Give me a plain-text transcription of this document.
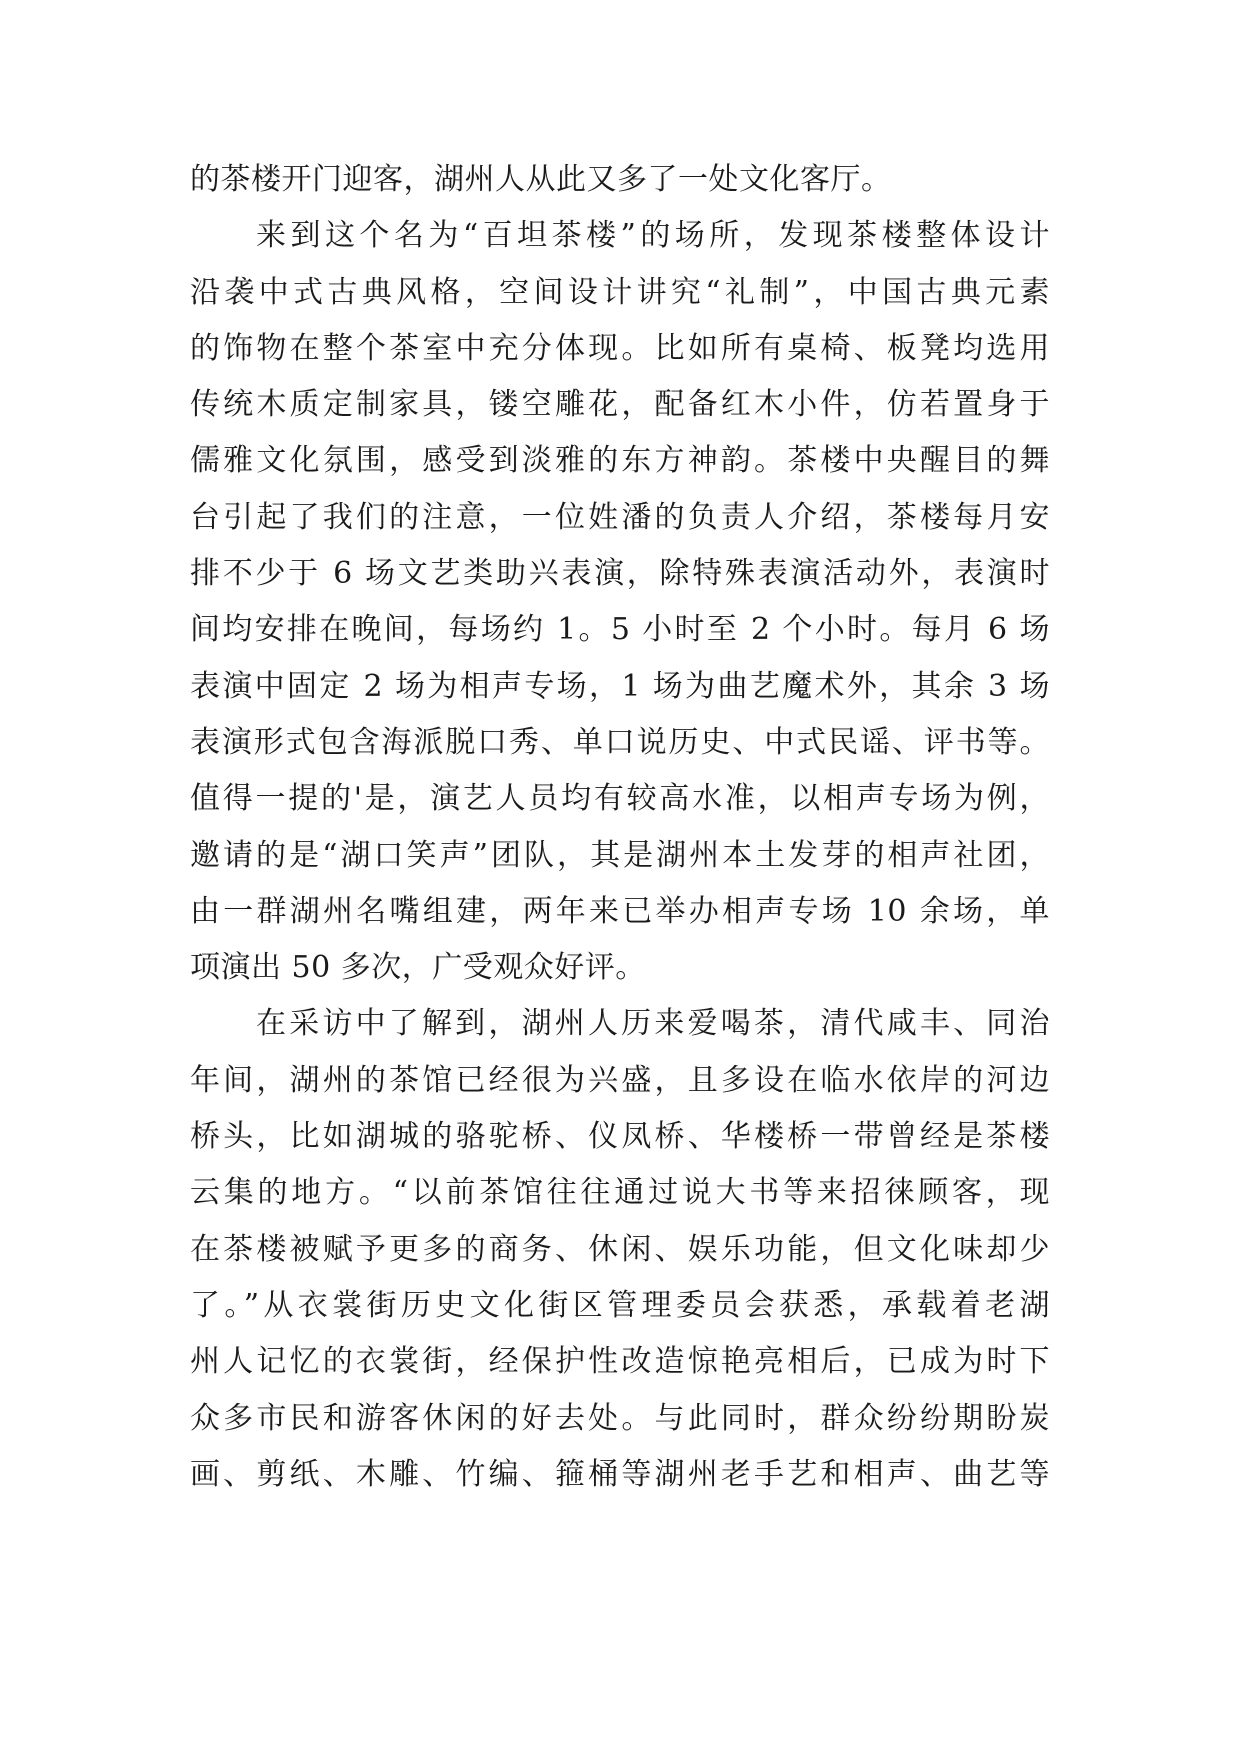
的茶楼开门迎客，湖州人从此又多了一处文化客厅。
来到这个名为“百坦茶楼”的场所，发现茶楼整体设计
沿袭中式古典风格，空间设计讲究“礼制”，中国古典元素
的饰物在整个茶室中充分体现。比如所有桌椅、板凳均选用
传统木质定制家具，镂空雕花，配备红木小件，仿若置身于
儒雅文化氛围，感受到淡雅的东方神韵。茶楼中央醒目的舞
台引起了我们的注意，一位姓潘的负责人介绍，茶楼每月安
排不少于 6 场文艺类助兴表演，除特殊表演活动外，表演时
间均安排在晚间，每场约 1。5 小时至 2 个小时。每月 6 场
表演中固定 2 场为相声专场，1 场为曲艺魔术外，其余 3 场
表演形式包含海派脱口秀、单口说历史、中式民谣、评书等。
值得一提的'是，演艺人员均有较高水准，以相声专场为例，
邀请的是“湖口笑声”团队，其是湖州本土发芽的相声社团，
由一群湖州名嘴组建，两年来已举办相声专场 10 余场，单
项演出 50 多次，广受观众好评。
在采访中了解到，湖州人历来爱喝茶，清代咸丰、同治
年间，湖州的茶馆已经很为兴盛，且多设在临水依岸的河边
桥头，比如湖城的骆驼桥、仪凤桥、华楼桥一带曾经是茶楼
云集的地方。“以前茶馆往往通过说大书等来招徕顾客，现
在茶楼被赋予更多的商务、休闲、娱乐功能，但文化味却少
了。”从衣裳街历史文化街区管理委员会获悉，承载着老湖
州人记忆的衣裳街，经保护性改造惊艳亮相后，已成为时下
众多市民和游客休闲的好去处。与此同时，群众纷纷期盼炭
画、剪纸、木雕、竹编、箍桶等湖州老手艺和相声、曲艺等
